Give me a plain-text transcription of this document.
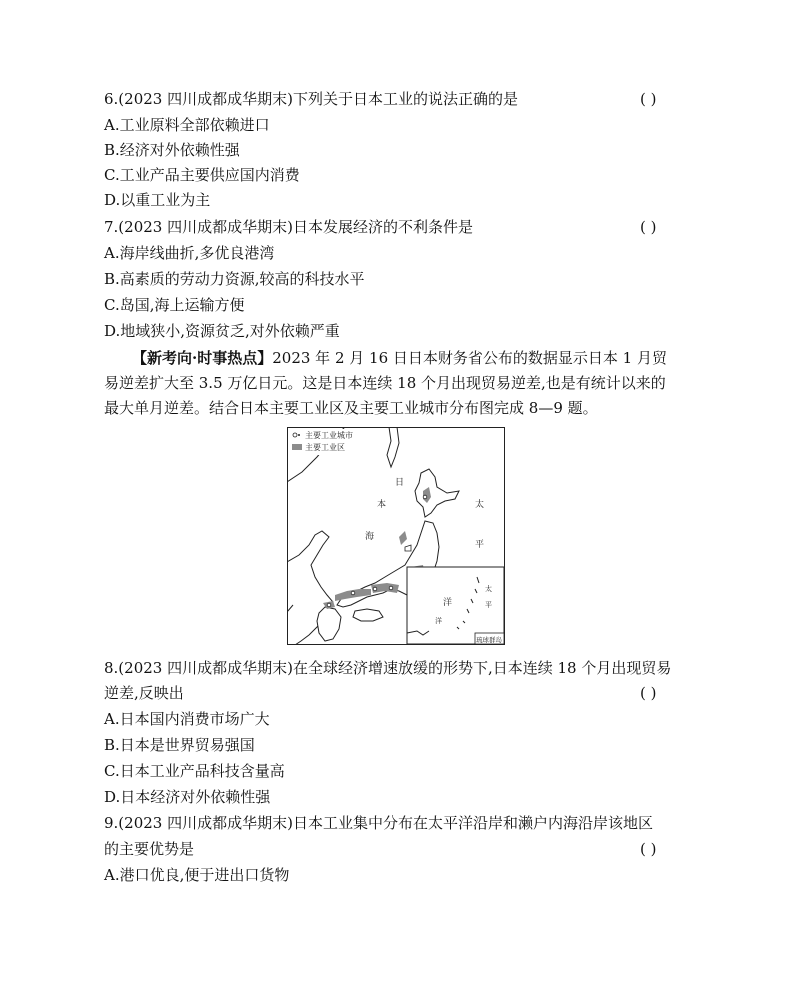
6.(2023 四川成都成华期末)下列关于日本工业的说法正确的是	( )
A.工业原料全部依赖进口
B.经济对外依赖性强
C.工业产品主要供应国内消费
D.以重工业为主
7.(2023 四川成都成华期末)日本发展经济的不利条件是	( )
A.海岸线曲折,多优良港湾
B.高素质的劳动力资源,较高的科技水平
C.岛国,海上运输方便
D.地域狭小,资源贫乏,对外依赖严重
【新考向·时事热点】2023 年 2 月 16 日日本财务省公布的数据显示日本 1 月贸
易逆差扩大至 3.5 万亿日元。这是日本连续 18 个月出现贸易逆差,也是有统计以来的
最大单月逆差。结合日本主要工业区及主要工业城市分布图完成 8—9 题。
主要工业城市
主要工业区
日
本
海
太
平
洋
太
平
洋
琉球群岛
8.(2023 四川成都成华期末)在全球经济增速放缓的形势下,日本连续 18 个月出现贸易
逆差,反映出	( )
A.日本国内消费市场广大
B.日本是世界贸易强国
C.日本工业产品科技含量高
D.日本经济对外依赖性强
9.(2023 四川成都成华期末)日本工业集中分布在太平洋沿岸和濑户内海沿岸该地区
的主要优势是	( )
A.港口优良,便于进出口货物
